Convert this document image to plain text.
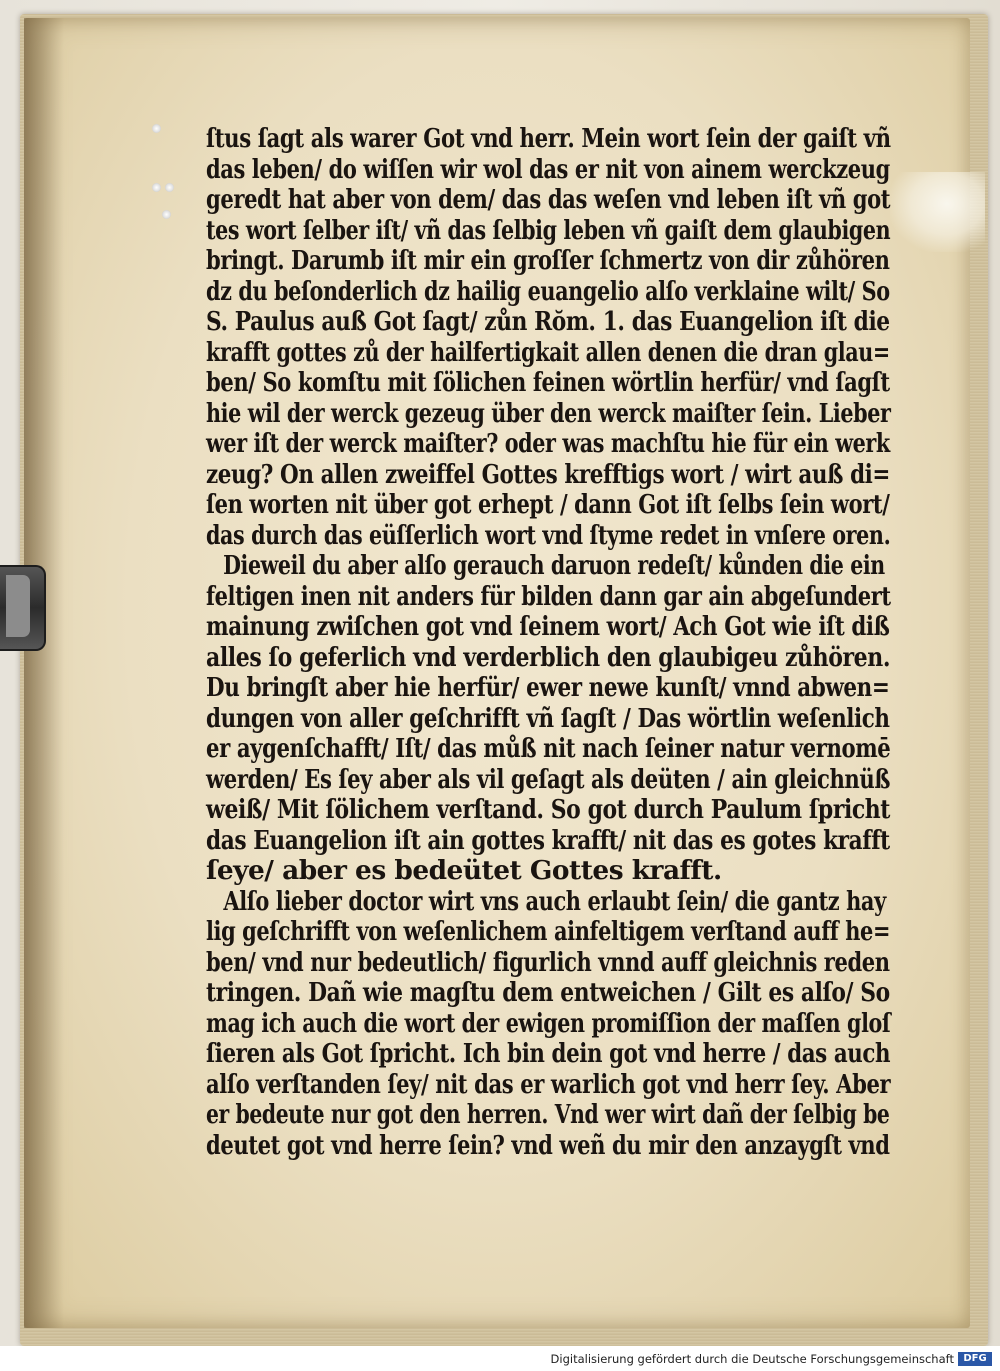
ſtus ſagt als warer Got vnd herr. Mein wort ſein der gaiſt vñ
das leben/ do wiſſen wir wol das er nit von ainem werckzeug
geredt hat aber von dem/ das das weſen vnd leben iſt vñ got
tes wort ſelber iſt/ vñ das ſelbig leben vñ gaiſt dem glaubigen
bringt. Darumb iſt mir ein groſſer ſchmertz von dir zůhören
dz du beſonderlich dz hailig euangelio alſo verklaine wilt/ So
S. Paulus auß Got ſagt/ zůn Rŏm. 1. das Euangelion iſt die
krafft gottes zů der hailfertigkait allen denen die dran glau=
ben/ So komſtu mit ſölichen feinen wörtlin herfür/ vnd ſagſt
hie wil der werck gezeug über den werck maiſter ſein. Lieber
wer iſt der werck maiſter? oder was machſtu hie für ein werk
zeug? On allen zweiffel Gottes krefftigs wort / wirt auß di=
ſen worten nit über got erhept / dann Got iſt ſelbs ſein wort/
das durch das eüſſerlich wort vnd ſtyme redet in vnſere oren.
Dieweil du aber alſo gerauch daruon redeſt/ kůnden die ein
feltigen inen nit anders für bilden dann gar ain abgeſundert
mainung zwiſchen got vnd ſeinem wort/ Ach Got wie iſt diß
alles ſo geferlich vnd verderblich den glaubigeu zůhören.
Du bringſt aber hie herfür/ ewer newe kunſt/ vnnd abwen=
dungen von aller geſchrifft vñ ſagſt / Das wörtlin weſenlich
er aygenſchafft/ Iſt/ das můß nit nach ſeiner natur vernomē
werden/ Es ſey aber als vil geſagt als deüten / ain gleichnüß
weiß/ Mit ſölichem verſtand. So got durch Paulum ſpricht
das Euangelion iſt ain gottes krafft/ nit das es gotes krafft
ſeye/ aber es bedeütet Gottes krafft.
Alſo lieber doctor wirt vns auch erlaubt ſein/ die gantz hay
lig geſchrifft von weſenlichem ainfeltigem verſtand auff he=
ben/ vnd nur bedeutlich/ figurlich vnnd auff gleichnis reden
tringen. Dañ wie magſtu dem entweichen / Gilt es alſo/ So
mag ich auch die wort der ewigen promiſſion der maſſen gloſ
ſieren als Got ſpricht. Ich bin dein got vnd herre / das auch
alſo verſtanden ſey/ nit das er warlich got vnd herr ſey. Aber
er bedeute nur got den herren. Vnd wer wirt dañ der ſelbig be
deutet got vnd herre ſein? vnd weñ du mir den anzaygſt vnd
Digitalisierung gefördert durch die Deutsche Forschungsgemeinschaft DFG
